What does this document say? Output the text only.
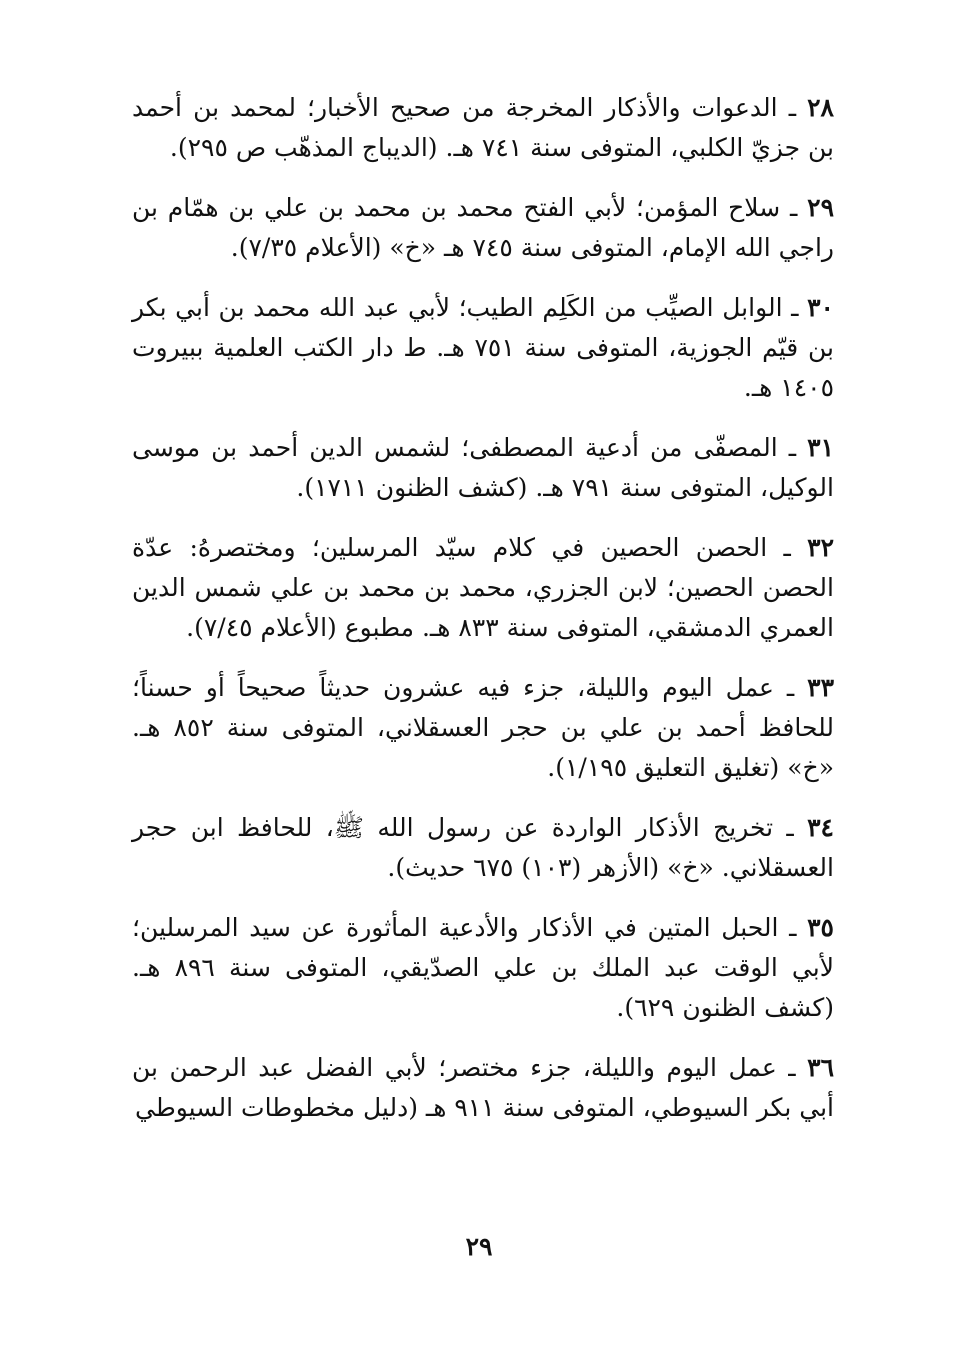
٢٨ ـ الدعوات والأذكار المخرجة من صحيح الأخبار؛ لمحمد بن أحمد بن جزيّ الكلبي، المتوفى سنة ٧٤١ هـ. (الديباج المذهّب ص ٢٩٥).

٢٩ ـ سلاح المؤمن؛ لأبي الفتح محمد بن محمد بن علي بن همّام بن راجي الله الإمام، المتوفى سنة ٧٤٥ هـ «خ» (الأعلام ٧/٣٥).

٣٠ ـ الوابل الصيِّب من الكَلِم الطيب؛ لأبي عبد الله محمد بن أبي بكر بن قيّم الجوزية، المتوفى سنة ٧٥١ هـ. ط دار الكتب العلمية ببيروت ١٤٠٥ هـ.

٣١ ـ المصفّى من أدعية المصطفى؛ لشمس الدين أحمد بن موسى الوكيل، المتوفى سنة ٧٩١ هـ. (كشف الظنون ١٧١١).

٣٢ ـ الحصن الحصين في كلام سيّد المرسلين؛ ومختصرهُ: عدّة الحصن الحصين؛ لابن الجزري، محمد بن محمد بن علي شمس الدين العمري الدمشقي، المتوفى سنة ٨٣٣ هـ. مطبوع (الأعلام ٧/٤٥).

٣٣ ـ عمل اليوم والليلة، جزء فيه عشرون حديثاً صحيحاً أو حسناً؛ للحافظ أحمد بن علي بن حجر العسقلاني، المتوفى سنة ٨٥٢ هـ. «خ» (تغليق التعليق ١/١٩٥).

٣٤ ـ تخريج الأذكار الواردة عن رسول الله ﷺ، للحافظ ابن حجر العسقلاني. «خ» (الأزهر (١٠٣) ٦٧٥ حديث).

٣٥ ـ الحبل المتين في الأذكار والأدعية المأثورة عن سيد المرسلين؛ لأبي الوقت عبد الملك بن علي الصدّيقي، المتوفى سنة ٨٩٦ هـ. (كشف الظنون ٦٢٩).

٣٦ ـ عمل اليوم والليلة، جزء مختصر؛ لأبي الفضل عبد الرحمن بن أبي بكر السيوطي، المتوفى سنة ٩١١ هـ (دليل مخطوطات السيوطي

٢٩
